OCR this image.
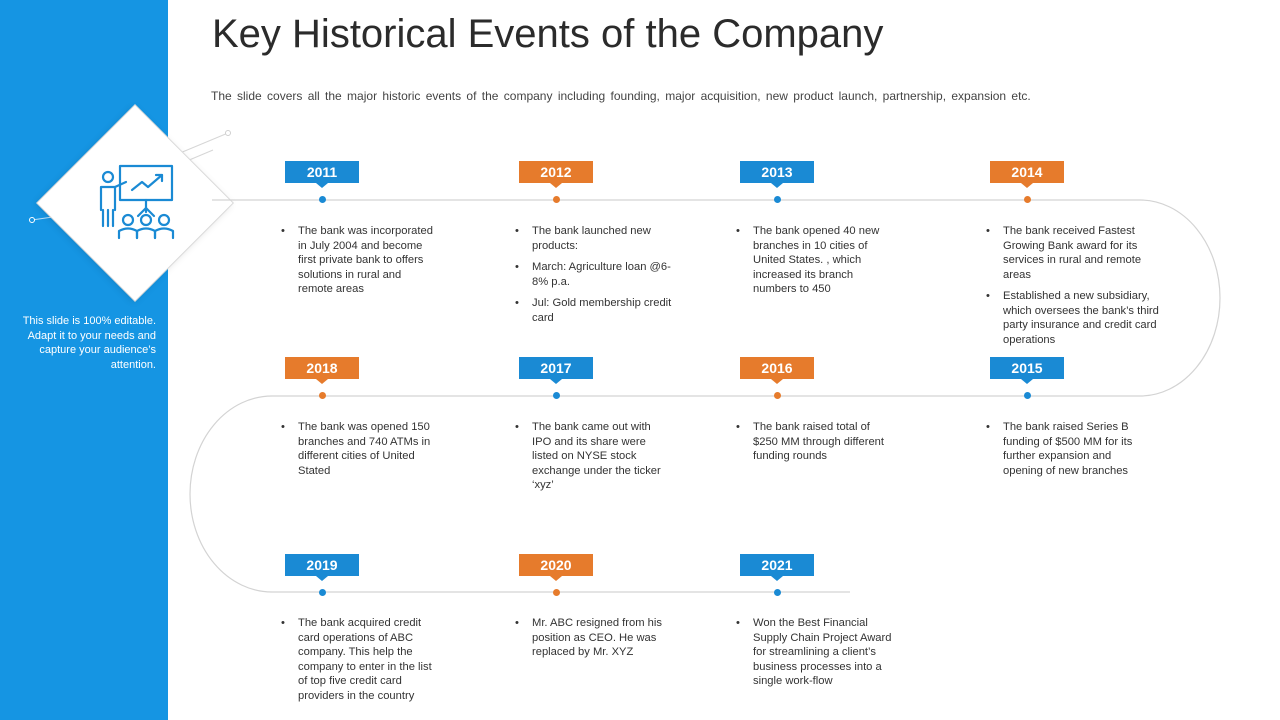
This slide is 100% editable. Adapt it to your needs and capture your audience’s attention.
Key Historical Events of the Company
The slide covers all the major historic events of the company including founding, major acquisition, new product launch, partnership, expansion etc.
2011
• The bank was incorporated in July 2004 and become first private bank to offers solutions in rural and remote areas
2012
• The bank launched new products:
• March: Agriculture loan @6-8% p.a.
• Jul: Gold membership credit card
2013
• The bank opened 40 new branches in 10 cities of United States. , which increased its branch numbers to 450
2014
• The bank received Fastest Growing Bank award for its services in rural and remote areas
• Established a new subsidiary, which oversees the bank’s third party insurance and credit card operations
2015
• The bank raised Series B funding of $500 MM for its further expansion and opening of new branches
2016
• The bank raised total of $250 MM through different funding rounds
2017
• The bank came out with IPO and its share were listed on NYSE stock exchange under the ticker ‘xyz’
2018
• The bank was opened 150 branches and 740 ATMs in different cities of United Stated
2019
• The bank acquired credit card operations of ABC company. This help the company to enter in the list of top five credit card providers in the country
2020
• Mr. ABC resigned from his position as CEO. He was replaced by Mr. XYZ
2021
• Won the Best Financial Supply Chain Project Award for streamlining a client’s business processes into a single work-flow
